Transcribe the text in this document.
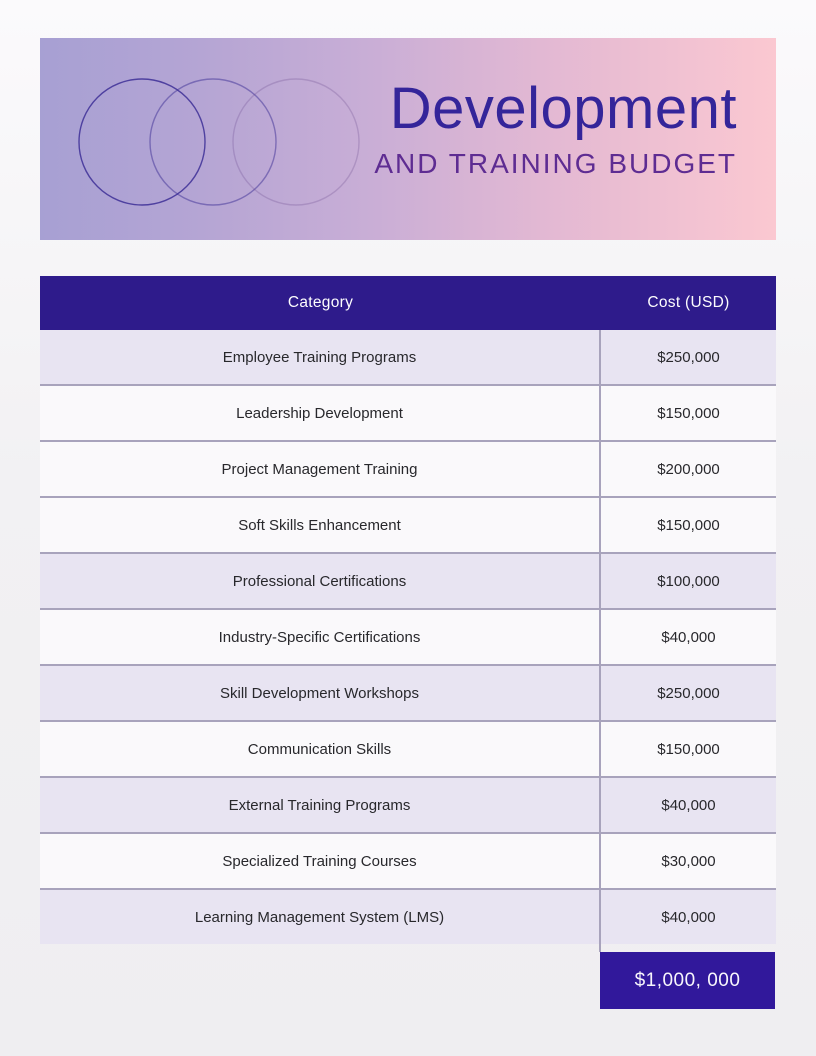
Development
AND TRAINING BUDGET
Category	Cost (USD)
Employee Training Programs	$250,000
Leadership Development	$150,000
Project Management Training	$200,000
Soft Skills Enhancement	$150,000
Professional Certifications	$100,000
Industry-Specific Certifications	$40,000
Skill Development Workshops	$250,000
Communication Skills	$150,000
External Training Programs	$40,000
Specialized Training Courses	$30,000
Learning Management System (LMS)	$40,000
$1,000, 000
